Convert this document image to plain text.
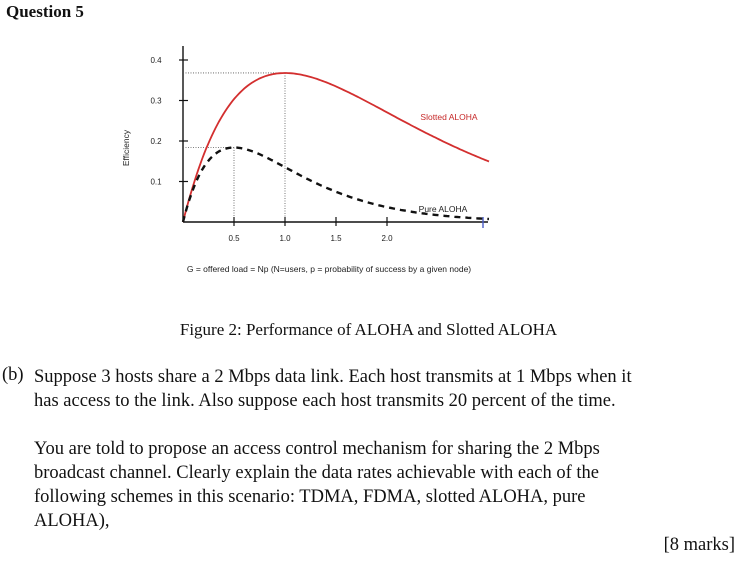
Question 5
0.1
0.2
0.3
0.4
0.5	1.0	1.5	2.0
Efficiency
G = offered load = Np (N=users, p = probability of success by a given node)
Slotted ALOHA
Pure ALOHA
Figure 2: Performance of ALOHA and Slotted ALOHA
(b) Suppose 3 hosts share a 2 Mbps data link. Each host transmits at 1 Mbps when it has access to the link. Also suppose each host transmits 20 percent of the time.
You are told to propose an access control mechanism for sharing the 2 Mbps broadcast channel. Clearly explain the data rates achievable with each of the following schemes in this scenario: TDMA, FDMA, slotted ALOHA, pure ALOHA),
[8 marks]
